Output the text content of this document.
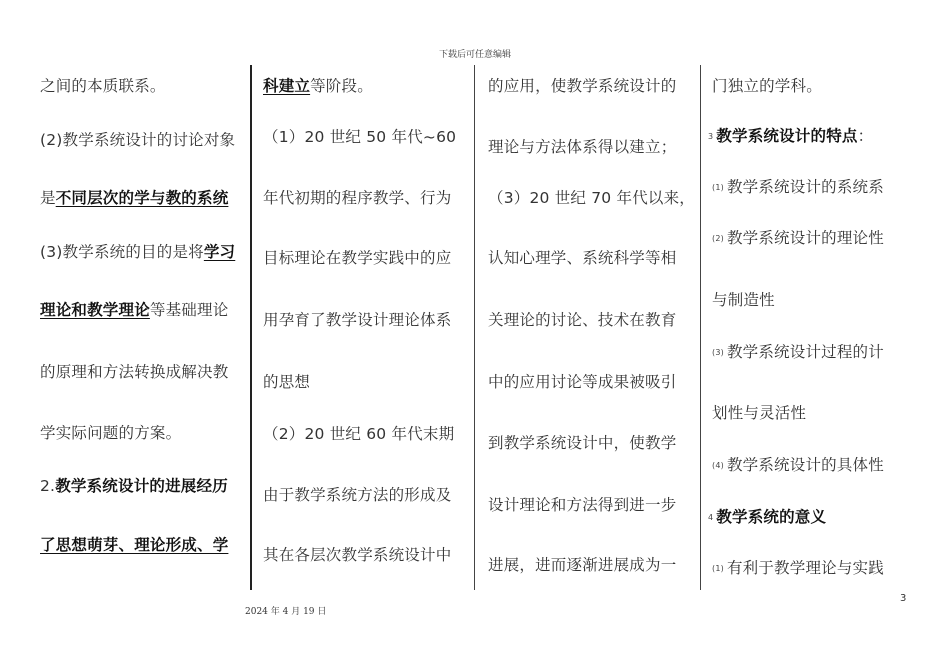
下载后可任意编辑
之间的本质联系。
(2)教学系统设计的讨论对象
是不同层次的学与教的系统
(3)教学系统的目的是将学习
理论和教学理论等基础理论
的原理和方法转换成解决教
学实际问题的方案。
2.教学系统设计的进展经历
了思想萌芽、理论形成、学
科建立等阶段。
（1）20 世纪 50 年代~60
年代初期的程序教学、行为
目标理论在教学实践中的应
用孕育了教学设计理论体系
的思想
（2）20 世纪 60 年代末期
由于教学系统方法的形成及
其在各层次教学系统设计中
的应用，使教学系统设计的
理论与方法体系得以建立；
（3）20 世纪 70 年代以来，
认知心理学、系统科学等相
关理论的讨论、技术在教育
中的应用讨论等成果被吸引
到教学系统设计中，使教学
设计理论和方法得到进一步
进展，进而逐渐进展成为一
门独立的学科。
3 教学系统设计的特点：
(1) 教学系统设计的系统系
(2) 教学系统设计的理论性
与制造性
(3) 教学系统设计过程的计
划性与灵活性
(4) 教学系统设计的具体性
4 教学系统的意义
(1) 有利于教学理论与实践
2024 年 4 月 19 日
3
